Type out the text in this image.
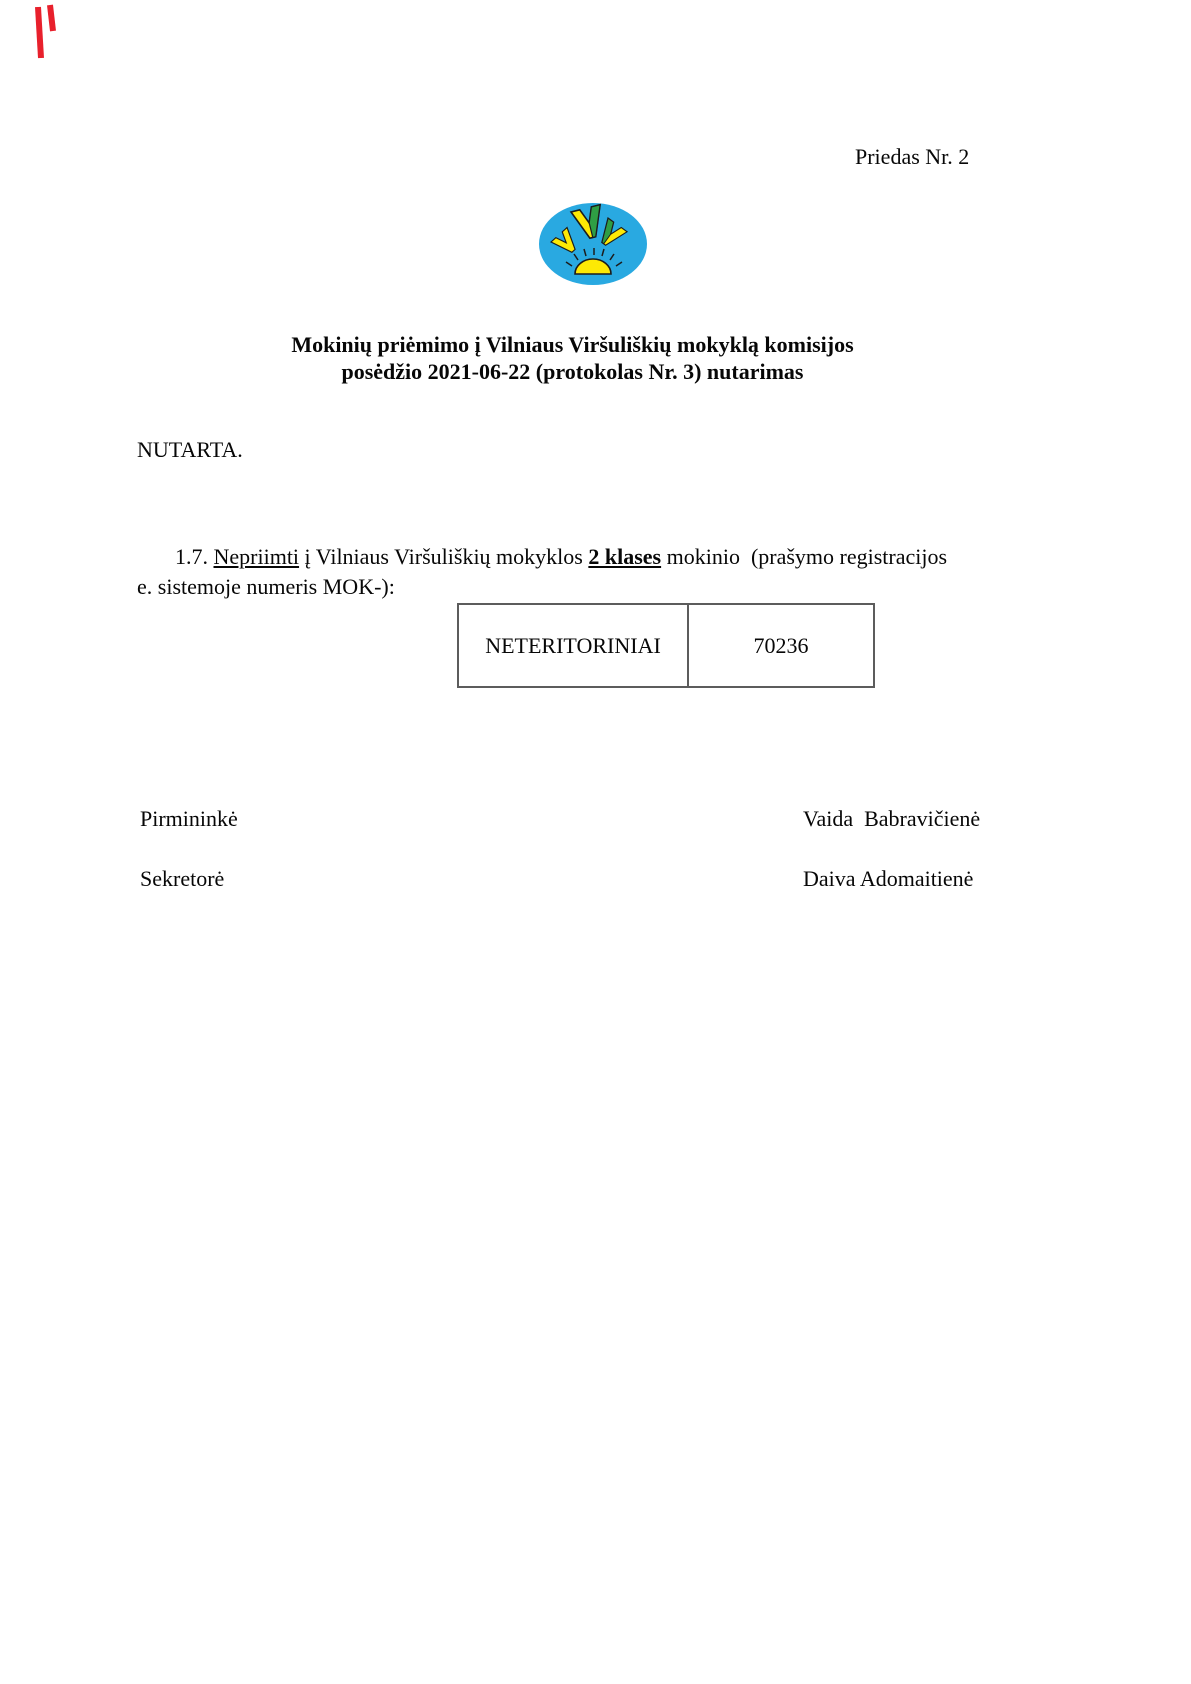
Priedas Nr. 2
Mokinių priėmimo į Vilniaus Viršuliškių mokyklą komisijos
posėdžio 2021-06-22 (protokolas Nr. 3) nutarimas
NUTARTA.
1.7. Nepriimti į Vilniaus Viršuliškių mokyklos 2 klases mokinio  (prašymo registracijos
e. sistemoje numeris MOK-):
NETERITORINIAI	70236
Pirmininkė	Vaida  Babravičienė
Sekretorė	Daiva Adomaitienė
